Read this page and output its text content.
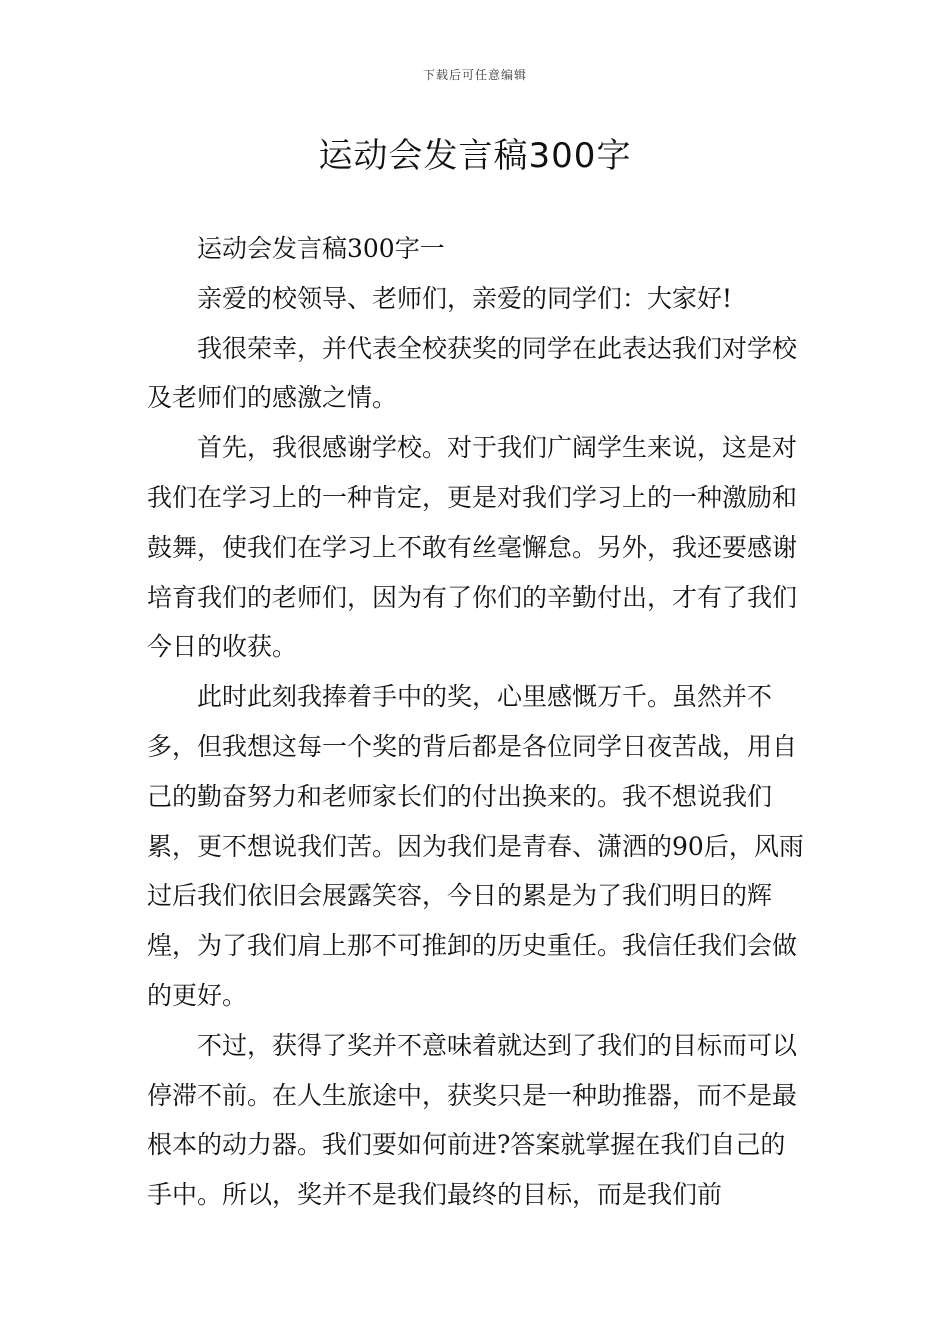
下载后可任意编辑
运动会发言稿300字

运动会发言稿300字一

亲爱的校领导、老师们，亲爱的同学们：大家好!

我很荣幸，并代表全校获奖的同学在此表达我们对学校及老师们的感激之情。

首先，我很感谢学校。对于我们广阔学生来说，这是对我们在学习上的一种肯定，更是对我们学习上的一种激励和鼓舞，使我们在学习上不敢有丝毫懈怠。另外，我还要感谢培育我们的老师们，因为有了你们的辛勤付出，才有了我们今日的收获。

此时此刻我捧着手中的奖，心里感慨万千。虽然并不多，但我想这每一个奖的背后都是各位同学日夜苦战，用自己的勤奋努力和老师家长们的付出换来的。我不想说我们累，更不想说我们苦。因为我们是青春、潇洒的90后，风雨过后我们依旧会展露笑容，今日的累是为了我们明日的辉煌，为了我们肩上那不可推卸的历史重任。我信任我们会做的更好。

不过，获得了奖并不意味着就达到了我们的目标而可以停滞不前。在人生旅途中，获奖只是一种助推器，而不是最根本的动力器。我们要如何前进?答案就掌握在我们自己的手中。所以，奖并不是我们最终的目标，而是我们前
